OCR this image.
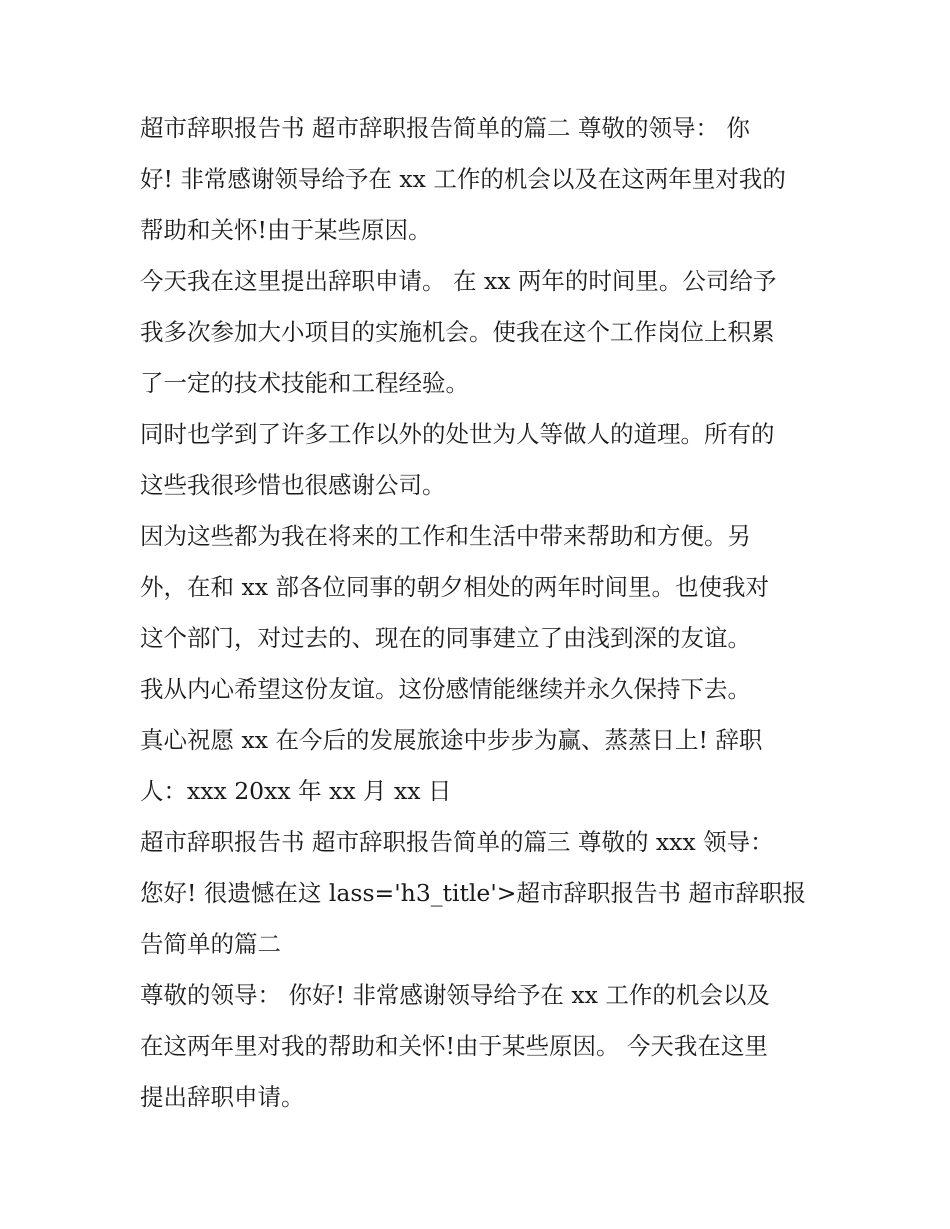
超市辞职报告书 超市辞职报告简单的篇二 尊敬的领导： 你
好! 非常感谢领导给予在 xx 工作的机会以及在这两年里对我的
帮助和关怀!由于某些原因。
今天我在这里提出辞职申请。 在 xx 两年的时间里。公司给予
我多次参加大小项目的实施机会。使我在这个工作岗位上积累
了一定的技术技能和工程经验。
同时也学到了许多工作以外的处世为人等做人的道理。所有的
这些我很珍惜也很感谢公司。
因为这些都为我在将来的工作和生活中带来帮助和方便。另
外，在和 xx 部各位同事的朝夕相处的两年时间里。也使我对
这个部门，对过去的、现在的同事建立了由浅到深的友谊。
我从内心希望这份友谊。这份感情能继续并永久保持下去。
真心祝愿 xx 在今后的发展旅途中步步为赢、蒸蒸日上! 辞职
人：xxx 20xx 年 xx 月 xx 日
超市辞职报告书 超市辞职报告简单的篇三 尊敬的 xxx 领导：
您好! 很遗憾在这 lass='h3_title'>超市辞职报告书 超市辞职报
告简单的篇二
尊敬的领导： 你好! 非常感谢领导给予在 xx 工作的机会以及
在这两年里对我的帮助和关怀!由于某些原因。 今天我在这里
提出辞职申请。
